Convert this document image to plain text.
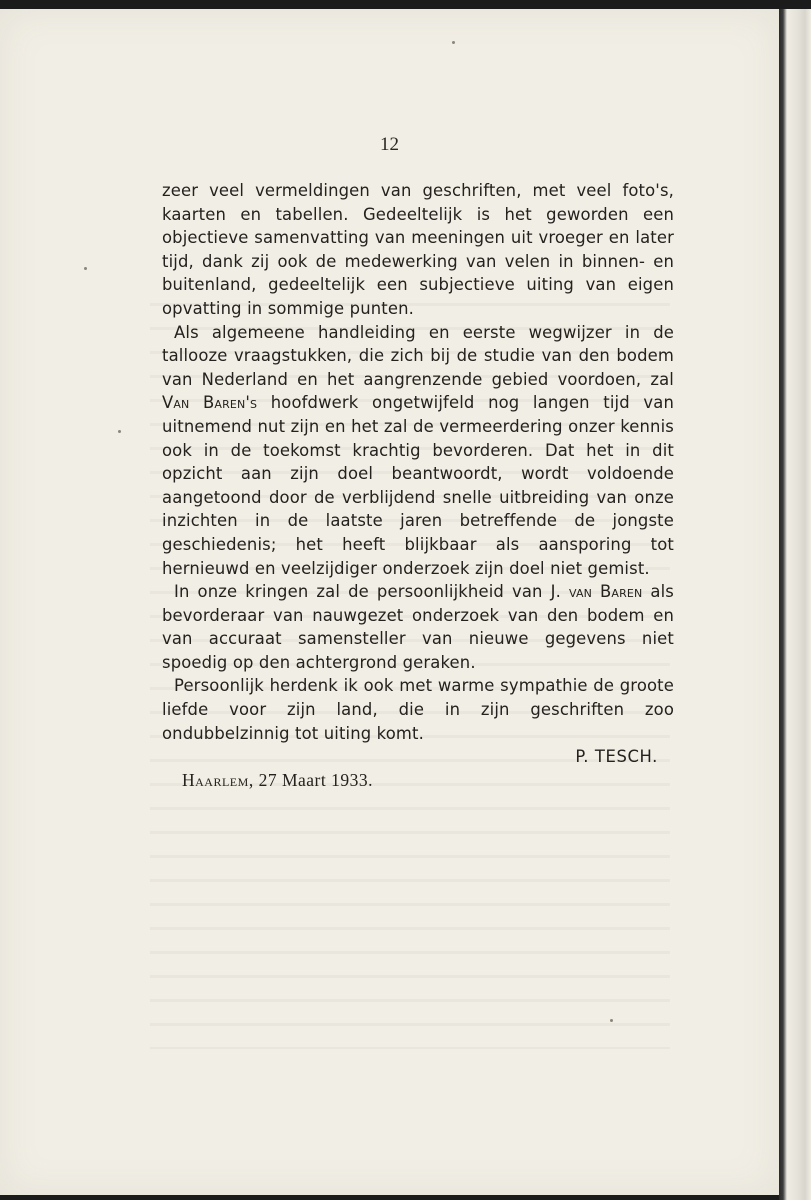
12

zeer veel vermeldingen van geschriften, met veel foto's, kaarten en tabellen. Gedeeltelijk is het geworden een objectieve samenvatting van meeningen uit vroeger en later tijd, dank zij ook de medewerking van velen in binnen- en buitenland, gedeeltelijk een subjectieve uiting van eigen opvatting in sommige punten.

Als algemeene handleiding en eerste wegwijzer in de tallooze vraagstukken, die zich bij de studie van den bodem van Nederland en het aangrenzende gebied voordoen, zal Van Baren's hoofdwerk ongetwijfeld nog langen tijd van uitnemend nut zijn en het zal de vermeerdering onzer kennis ook in de toekomst krachtig bevorderen. Dat het in dit opzicht aan zijn doel beantwoordt, wordt voldoende aangetoond door de verblijdend snelle uitbreiding van onze inzichten in de laatste jaren betreffende de jongste geschiedenis; het heeft blijkbaar als aansporing tot hernieuwd en veelzijdiger onderzoek zijn doel niet gemist.

In onze kringen zal de persoonlijkheid van J. van Baren als bevorderaar van nauwgezet onderzoek van den bodem en van accuraat samensteller van nieuwe gegevens niet spoedig op den achtergrond geraken.

Persoonlijk herdenk ik ook met warme sympathie de groote liefde voor zijn land, die in zijn geschriften zoo ondubbelzinnig tot uiting komt.

P. TESCH.

Haarlem, 27 Maart 1933.
